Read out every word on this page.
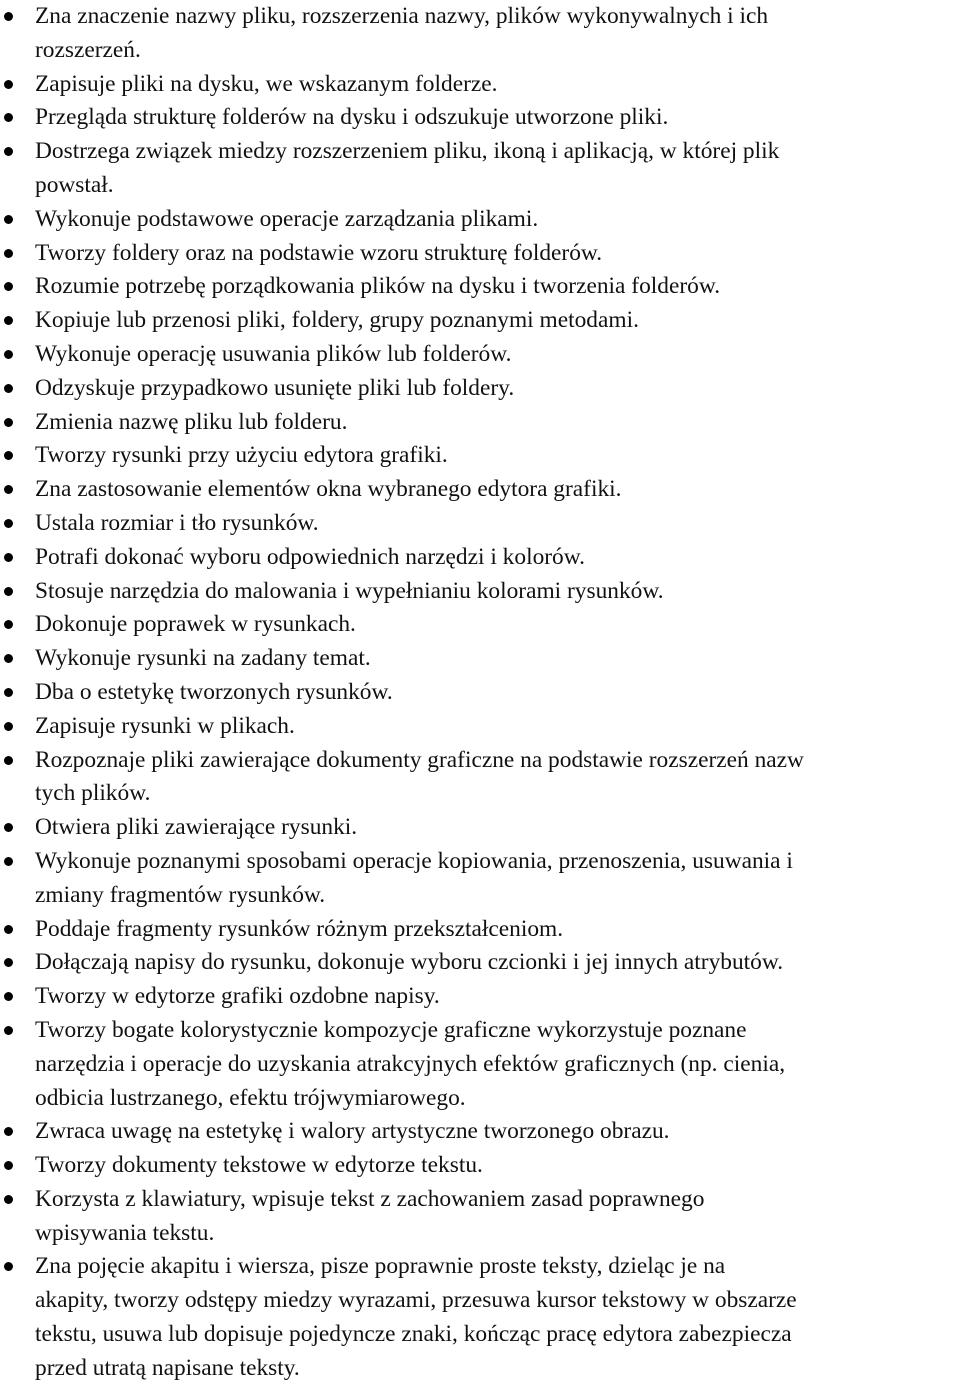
Zna znaczenie nazwy pliku, rozszerzenia nazwy, plików wykonywalnych i ich
rozszerzeń.
Zapisuje pliki na dysku, we wskazanym folderze.
Przegląda strukturę folderów na dysku i odszukuje utworzone pliki.
Dostrzega związek miedzy rozszerzeniem pliku, ikoną i aplikacją, w której plik
powstał.
Wykonuje podstawowe operacje zarządzania plikami.
Tworzy foldery oraz na podstawie wzoru strukturę folderów.
Rozumie potrzebę porządkowania plików na dysku i tworzenia folderów.
Kopiuje lub przenosi pliki, foldery, grupy poznanymi metodami.
Wykonuje operację usuwania plików lub folderów.
Odzyskuje przypadkowo usunięte pliki lub foldery.
Zmienia nazwę pliku lub folderu.
Tworzy rysunki przy użyciu edytora grafiki.
Zna zastosowanie elementów okna wybranego edytora grafiki.
Ustala rozmiar i tło rysunków.
Potrafi dokonać wyboru odpowiednich narzędzi i kolorów.
Stosuje narzędzia do malowania i wypełnianiu kolorami rysunków.
Dokonuje poprawek w rysunkach.
Wykonuje rysunki na zadany temat.
Dba o estetykę tworzonych rysunków.
Zapisuje rysunki w plikach.
Rozpoznaje pliki zawierające dokumenty graficzne na podstawie rozszerzeń nazw
tych plików.
Otwiera pliki zawierające rysunki.
Wykonuje poznanymi sposobami operacje kopiowania, przenoszenia, usuwania i
zmiany fragmentów rysunków.
Poddaje fragmenty rysunków różnym przekształceniom.
Dołączają napisy do rysunku, dokonuje wyboru czcionki i jej innych atrybutów.
Tworzy w edytorze grafiki ozdobne napisy.
Tworzy bogate kolorystycznie kompozycje graficzne wykorzystuje poznane
narzędzia i operacje do uzyskania atrakcyjnych efektów graficznych (np. cienia,
odbicia lustrzanego, efektu trójwymiarowego.
Zwraca uwagę na estetykę i walory artystyczne tworzonego obrazu.
Tworzy dokumenty tekstowe w edytorze tekstu.
Korzysta z klawiatury, wpisuje tekst z zachowaniem zasad poprawnego
wpisywania tekstu.
Zna pojęcie akapitu i wiersza, pisze poprawnie proste teksty, dzieląc je na
akapity, tworzy odstępy miedzy wyrazami, przesuwa kursor tekstowy w obszarze
tekstu, usuwa lub dopisuje pojedyncze znaki, kończąc pracę edytora zabezpiecza
przed utratą napisane teksty.
